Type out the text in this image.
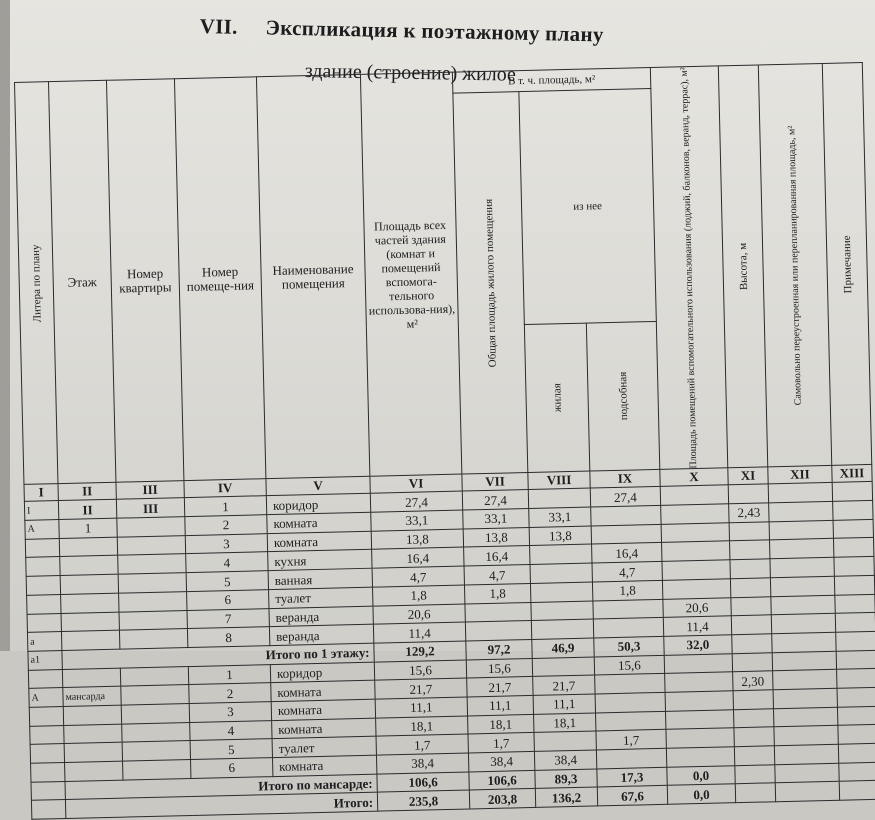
VII. Экспликация к поэтажному плану
здание (строение) жилое
Литера по плану	Этаж	Номер квартиры	Номер помеще-ния	Наименование помещения	Площадь всех частей здания (комнат и помещений вспомога-тельного использова-ния), м²	В т. ч. площадь, м²			Площадь помещений вспомогательного использования (лоджий, балконов, веранд, террас), м²	Высота, м	Самовольно переустроенная или перепланированная площадь, м²	Примечание

						Общая площадь жилого помещения	из нее					

							жилая	подсобная				

I	II	III	IV	V	VI	VII	VIII	IX	X	XI	XII	XIII
I	II	III	1	коридор	27,4	27,4		27,4				
A	1		2	комната	33,1	33,1	33,1			2,43		
			3	комната	13,8	13,8	13,8					
			4	кухня	16,4	16,4		16,4				
			5	ванная	4,7	4,7		4,7				
			6	туалет	1,8	1,8		1,8				
			7	веранда	20,6				20,6			
a			8	веранда	11,4				11,4			
a1	Итого по 1 этажу:				129,2	97,2	46,9	50,3	32,0			
			1	коридор	15,6	15,6		15,6				
A	мансарда		2	комната	21,7	21,7	21,7			2,30		
			3	комната	11,1	11,1	11,1					
			4	комната	18,1	18,1	18,1					
			5	туалет	1,7	1,7		1,7				
			6	комната	38,4	38,4	38,4					
	Итого по мансарде:				106,6	106,6	89,3	17,3	0,0			
	Итого:				235,8	203,8	136,2	67,6	0,0			
